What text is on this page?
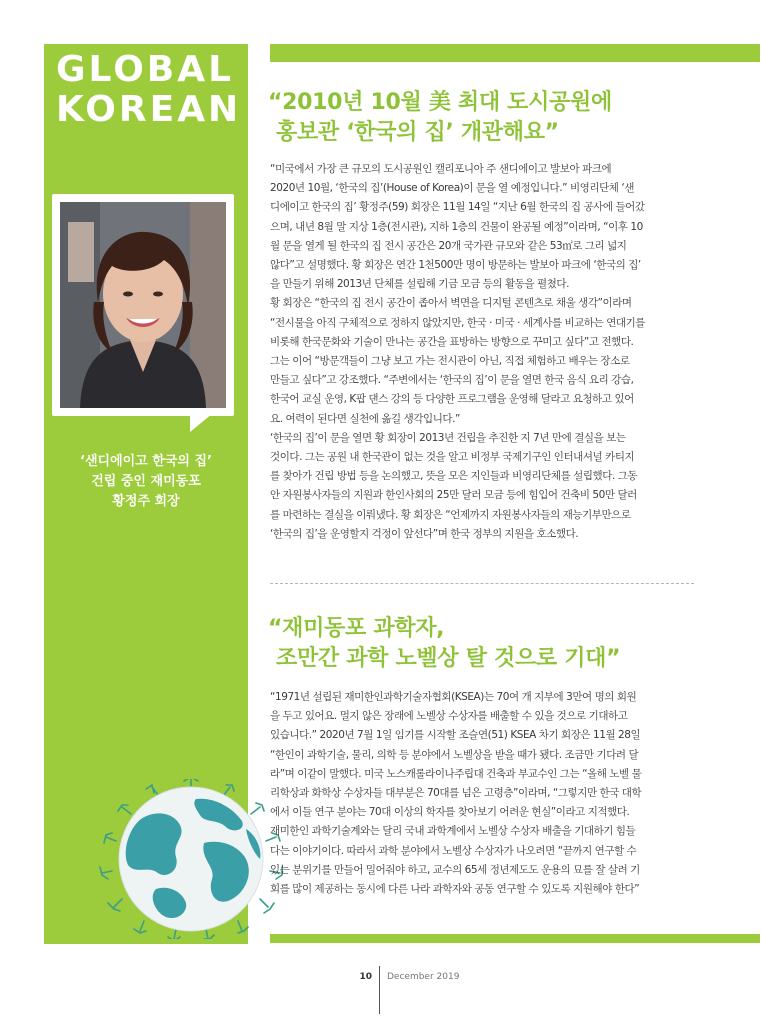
GLOBAL
KOREAN
‘샌디에이고 한국의 집’
건립 중인 재미동포
황정주 회장
“2010년 10월 美 최대 도시공원에
홍보관 ‘한국의 집’ 개관해요”
“미국에서 가장 큰 규모의 도시공원인 캘리포니아 주 샌디에이고 발보아 파크에
2020년 10월, ‘한국의 집’(House of Korea)이 문을 열 예정입니다.” 비영리단체 ‘샌
디에이고 한국의 집’ 황정주(59) 회장은 11월 14일 “지난 6월 한국의 집 공사에 들어갔
으며, 내년 8월 말 지상 1층(전시관), 지하 1층의 건물이 완공될 예정”이라며, “이후 10
월 문을 열게 될 한국의 집 전시 공간은 20개 국가관 규모와 같은 53㎡로 그리 넓지
않다”고 설명했다. 황 회장은 연간 1천500만 명이 방문하는 발보아 파크에 ‘한국의 집’
을 만들기 위해 2013년 단체를 설립해 기금 모금 등의 활동을 펼쳤다.
황 회장은 “한국의 집 전시 공간이 좁아서 벽면을 디지털 콘텐츠로 채울 생각”이라며
“전시물을 아직 구체적으로 정하지 않았지만, 한국 · 미국 · 세계사를 비교하는 연대기를
비롯해 한국문화와 기술이 만나는 공간을 표방하는 방향으로 꾸미고 싶다”고 전했다.
그는 이어 “방문객들이 그냥 보고 가는 전시관이 아닌, 직접 체험하고 배우는 장소로
만들고 싶다”고 강조했다. “주변에서는 ‘한국의 집’이 문을 열면 한국 음식 요리 강습,
한국어 교실 운영, K팝 댄스 강의 등 다양한 프로그램을 운영해 달라고 요청하고 있어
요. 여력이 된다면 실천에 옮길 생각입니다.”
‘한국의 집’이 문을 열면 황 회장이 2013년 건립을 추진한 지 7년 만에 결실을 보는
것이다. 그는 공원 내 한국관이 없는 것을 알고 비정부 국제기구인 인터내셔널 카티지
를 찾아가 건립 방법 등을 논의했고, 뜻을 모은 지인들과 비영리단체를 설립했다. 그동
안 자원봉사자들의 지원과 한인사회의 25만 달러 모금 등에 힘입어 건축비 50만 달러
를 마련하는 결실을 이뤄냈다. 황 회장은 “언제까지 자원봉사자들의 재능기부만으로
‘한국의 집’을 운영할지 걱정이 앞선다”며 한국 정부의 지원을 호소했다.
“재미동포 과학자,
조만간 과학 노벨상 탈 것으로 기대”
“1971년 설립된 재미한인과학기술자협회(KSEA)는 70여 개 지부에 3만여 명의 회원
을 두고 있어요. 멀지 않은 장래에 노벨상 수상자를 배출할 수 있을 것으로 기대하고
있습니다.” 2020년 7월 1일 임기를 시작할 조슬연(51) KSEA 차기 회장은 11월 28일
“한인이 과학기술, 물리, 의학 등 분야에서 노벨상을 받을 때가 됐다. 조금만 기다려 달
라”며 이같이 말했다. 미국 노스캐롤라이나주립대 건축과 부교수인 그는 “올해 노벨 물
리학상과 화학상 수상자들 대부분은 70대를 넘은 고령층”이라며, “그렇지만 한국 대학
에서 이들 연구 분야는 70대 이상의 학자를 찾아보기 어려운 현실”이라고 지적했다.
재미한인 과학기술계와는 달리 국내 과학계에서 노벨상 수상자 배출을 기대하기 힘들
다는 이야기이다. 따라서 과학 분야에서 노벨상 수상자가 나오려면 “끝까지 연구할 수
있는 분위기를 만들어 밀어줘야 하고, 교수의 65세 정년제도도 운용의 묘를 잘 살려 기
회를 많이 제공하는 동시에 다른 나라 과학자와 공동 연구할 수 있도록 지원해야 한다”
10 December 2019
